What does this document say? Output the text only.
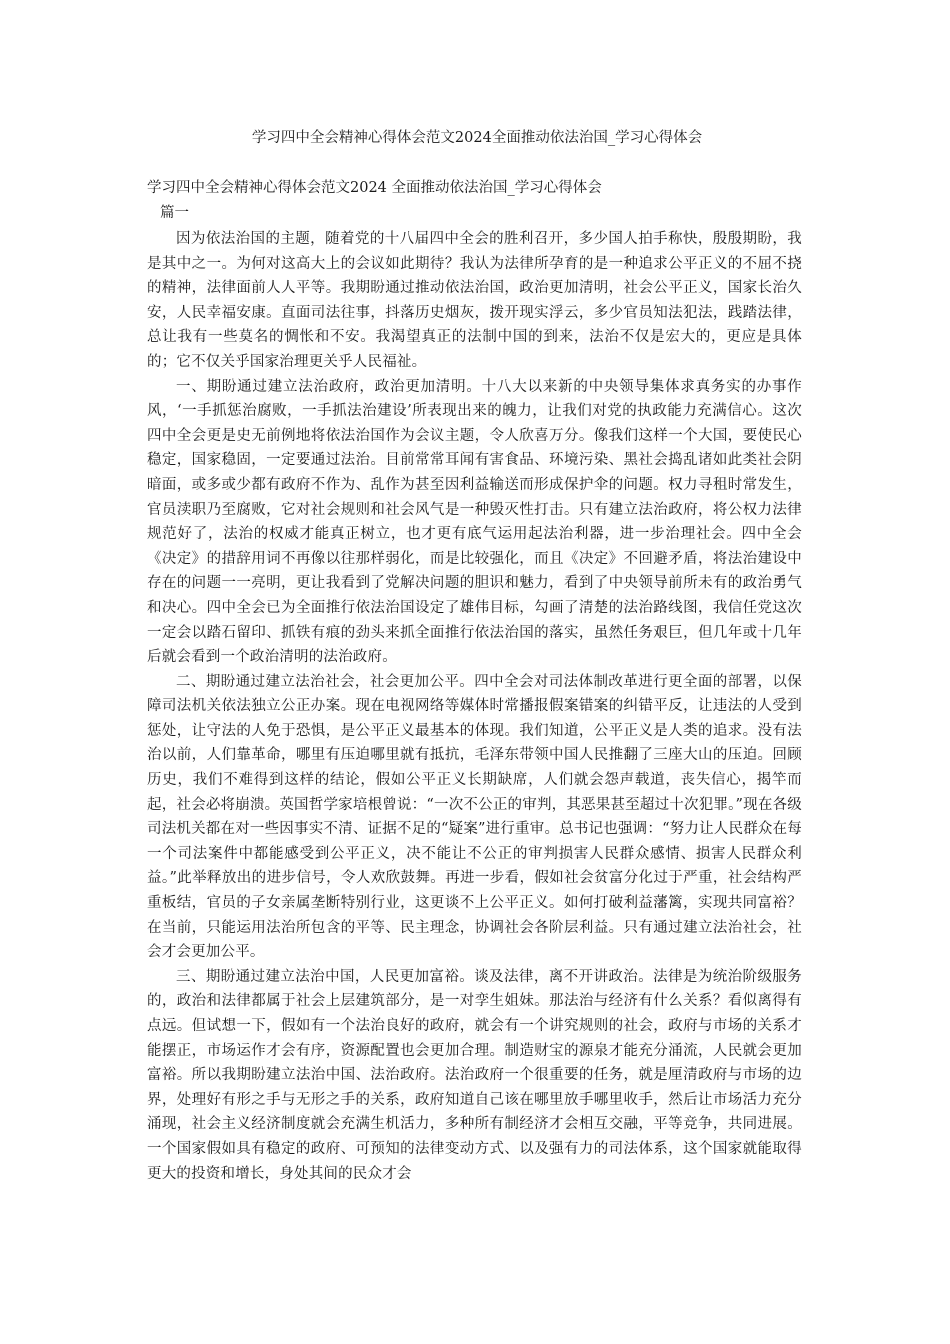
学习四中全会精神心得体会范文2024全面推动依法治国_学习心得体会
学习四中全会精神心得体会范文2024 全面推动依法治国_学习心得体会
篇一

因为依法治国的主题，随着党的十八届四中全会的胜利召开，多少国人拍手称快，殷殷期盼，我是其中之一。为何对这高大上的会议如此期待？我认为法律所孕育的是一种追求公平正义的不屈不挠的精神，法律面前人人平等。我期盼通过推动依法治国，政治更加清明，社会公平正义，国家长治久安，人民幸福安康。直面司法往事，抖落历史烟灰，拨开现实浮云，多少官员知法犯法，践踏法律，总让我有一些莫名的惆怅和不安。我渴望真正的法制中国的到来，法治不仅是宏大的，更应是具体的；它不仅关乎国家治理更关乎人民福祉。

一、期盼通过建立法治政府，政治更加清明。十八大以来新的中央领导集体求真务实的办事作风，‘一手抓惩治腐败，一手抓法治建设’所表现出来的魄力，让我们对党的执政能力充满信心。这次四中全会更是史无前例地将依法治国作为会议主题，令人欣喜万分。像我们这样一个大国，要使民心稳定，国家稳固，一定要通过法治。目前常常耳闻有害食品、环境污染、黑社会捣乱诸如此类社会阴暗面，或多或少都有政府不作为、乱作为甚至因利益输送而形成保护伞的问题。权力寻租时常发生，官员渎职乃至腐败，它对社会规则和社会风气是一种毁灭性打击。只有建立法治政府，将公权力法律规范好了，法治的权威才能真正树立，也才更有底气运用起法治利器，进一步治理社会。四中全会《决定》的措辞用词不再像以往那样弱化，而是比较强化，而且《决定》不回避矛盾，将法治建设中存在的问题一一亮明，更让我看到了党解决问题的胆识和魅力，看到了中央领导前所未有的政治勇气和决心。四中全会已为全面推行依法治国设定了雄伟目标，勾画了清楚的法治路线图，我信任党这次一定会以踏石留印、抓铁有痕的劲头来抓全面推行依法治国的落实，虽然任务艰巨，但几年或十几年后就会看到一个政治清明的法治政府。

二、期盼通过建立法治社会，社会更加公平。四中全会对司法体制改革进行更全面的部署，以保障司法机关依法独立公正办案。现在电视网络等媒体时常播报假案错案的纠错平反，让违法的人受到惩处，让守法的人免于恐惧，是公平正义最基本的体现。我们知道，公平正义是人类的追求。没有法治以前，人们靠革命，哪里有压迫哪里就有抵抗，毛泽东带领中国人民推翻了三座大山的压迫。回顾历史，我们不难得到这样的结论，假如公平正义长期缺席，人们就会怨声载道，丧失信心，揭竿而起，社会必将崩溃。英国哲学家培根曾说：“一次不公正的审判，其恶果甚至超过十次犯罪。”现在各级司法机关都在对一些因事实不清、证据不足的“疑案”进行重审。总书记也强调：“努力让人民群众在每一个司法案件中都能感受到公平正义，决不能让不公正的审判损害人民群众感情、损害人民群众利益。”此举释放出的进步信号，令人欢欣鼓舞。再进一步看，假如社会贫富分化过于严重，社会结构严重板结，官员的子女亲属垄断特别行业，这更谈不上公平正义。如何打破利益藩篱，实现共同富裕？在当前，只能运用法治所包含的平等、民主理念，协调社会各阶层利益。只有通过建立法治社会，社会才会更加公平。

三、期盼通过建立法治中国，人民更加富裕。谈及法律，离不开讲政治。法律是为统治阶级服务的，政治和法律都属于社会上层建筑部分，是一对孪生姐妹。那法治与经济有什么关系？看似离得有点远。但试想一下，假如有一个法治良好的政府，就会有一个讲究规则的社会，政府与市场的关系才能摆正，市场运作才会有序，资源配置也会更加合理。制造财宝的源泉才能充分涌流，人民就会更加富裕。所以我期盼建立法治中国、法治政府。法治政府一个很重要的任务，就是厘清政府与市场的边界，处理好有形之手与无形之手的关系，政府知道自己该在哪里放手哪里收手，然后让市场活力充分涌现，社会主义经济制度就会充满生机活力，多种所有制经济才会相互交融，平等竞争，共同进展。一个国家假如具有稳定的政府、可预知的法律变动方式、以及强有力的司法体系，这个国家就能取得更大的投资和增长，身处其间的民众才会
